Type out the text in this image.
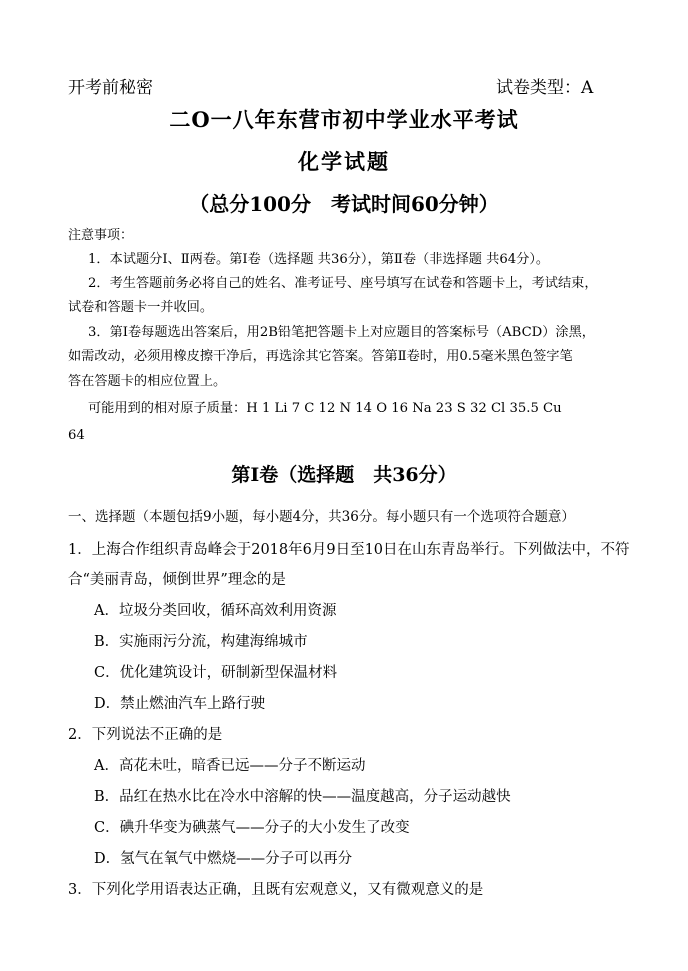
开考前秘密	试卷类型：A
二O一八年东营市初中学业水平考试
化学试题
（总分100分　考试时间60分钟）
注意事项：
1．本试题分Ⅰ、Ⅱ两卷。第Ⅰ卷（选择题 共36分），第Ⅱ卷（非选择题 共64分）。
2．考生答题前务必将自己的姓名、准考证号、座号填写在试卷和答题卡上，考试结束，
试卷和答题卡一并收回。
3．第Ⅰ卷每题选出答案后，用2B铅笔把答题卡上对应题目的答案标号（ABCD）涂黑，
如需改动，必须用橡皮擦干净后，再选涂其它答案。答第Ⅱ卷时，用0.5毫米黑色签字笔
答在答题卡的相应位置上。
可能用到的相对原子质量：H 1 Li 7 C 12 N 14 O 16 Na 23 S 32 Cl 35.5 Cu
64
第Ⅰ卷（选择题　共36分）
一、选择题（本题包括9小题，每小题4分，共36分。每小题只有一个选项符合题意）
1．上海合作组织青岛峰会于2018年6月9日至10日在山东青岛举行。下列做法中，不符
合“美丽青岛，倾倒世界”理念的是
A．垃圾分类回收，循环高效利用资源
B．实施雨污分流，构建海绵城市
C．优化建筑设计，研制新型保温材料
D．禁止燃油汽车上路行驶
2．下列说法不正确的是
A．高花未吐，暗香已远——分子不断运动
B．品红在热水比在冷水中溶解的快——温度越高，分子运动越快
C．碘升华变为碘蒸气——分子的大小发生了改变
D．氢气在氧气中燃烧——分子可以再分
3．下列化学用语表达正确，且既有宏观意义，又有微观意义的是
